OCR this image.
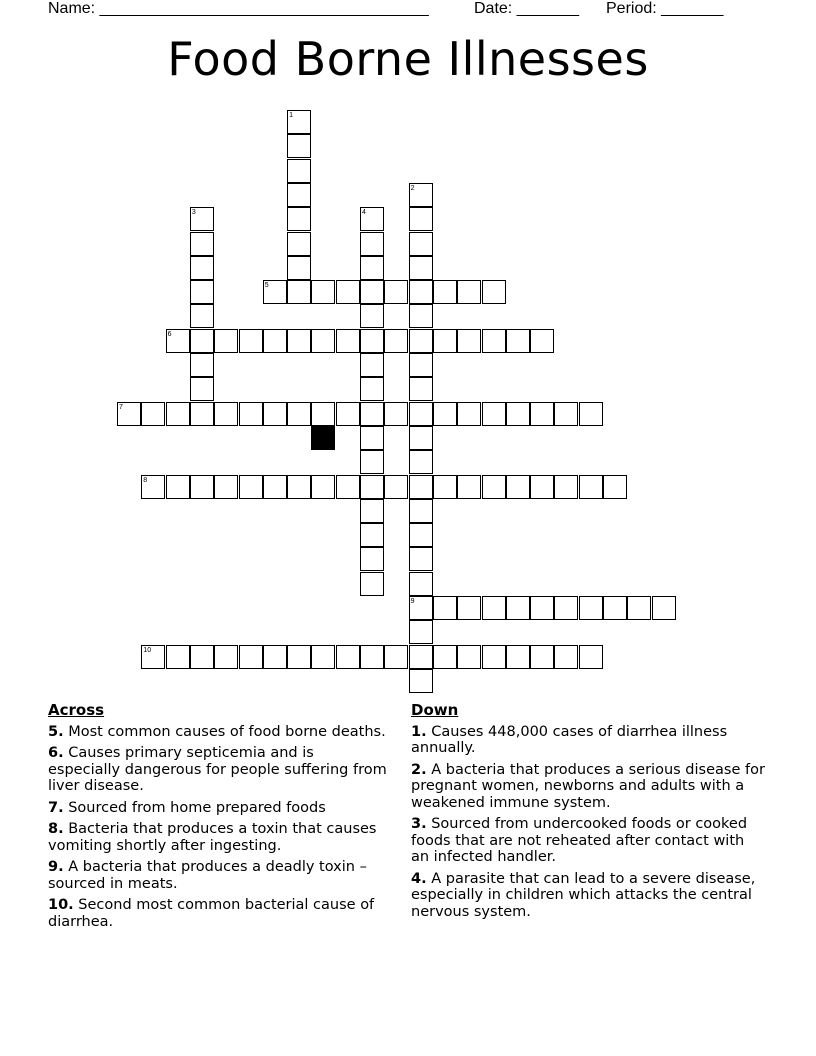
Name: _____________________________________	Date: _______ Period: _______
Food Borne Illnesses
1
2
3	4
5
6
7
8
9
10
Across
5. Most common causes of food borne deaths.
6. Causes primary septicemia and is especially dangerous for people suffering from liver disease.
7. Sourced from home prepared foods
8. Bacteria that produces a toxin that causes vomiting shortly after ingesting.
9. A bacteria that produces a deadly toxin – sourced in meats.
10. Second most common bacterial cause of diarrhea.
Down
1. Causes 448,000 cases of diarrhea illness annually.
2. A bacteria that produces a serious disease for pregnant women, newborns and adults with a weakened immune system.
3. Sourced from undercooked foods or cooked foods that are not reheated after contact with an infected handler.
4. A parasite that can lead to a severe disease, especially in children which attacks the central nervous system.
